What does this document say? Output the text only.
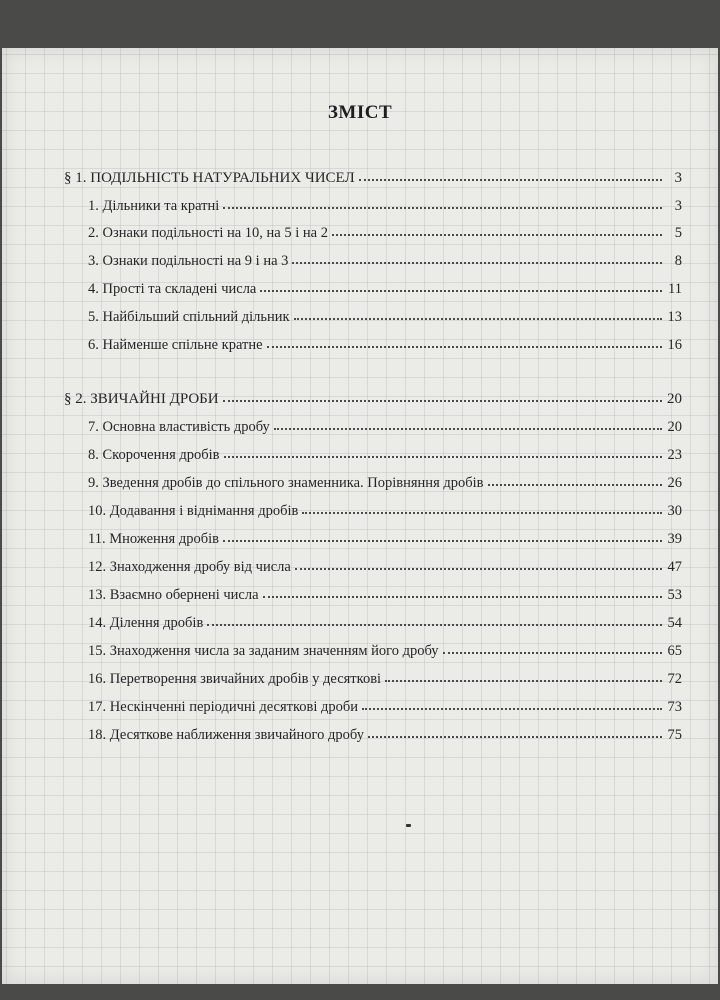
ЗМІСТ
§ 1. ПОДІЛЬНІСТЬ НАТУРАЛЬНИХ ЧИСЕЛ	3
1. Дільники та кратні	3
2. Ознаки подільності на 10, на 5 і на 2	5
3. Ознаки подільності на 9 і на 3	8
4. Прості та складені числа	11
5. Найбільший спільний дільник	13
6. Найменше спільне кратне	16
§ 2. ЗВИЧАЙНІ ДРОБИ	20
7. Основна властивість дробу	20
8. Скорочення дробів	23
9. Зведення дробів до спільного знаменника. Порівняння дробів	26
10. Додавання і віднімання дробів	30
11. Множення дробів	39
12. Знаходження дробу від числа	47
13. Взаємно обернені числа	53
14. Ділення дробів	54
15. Знаходження числа за заданим значенням його дробу	65
16. Перетворення звичайних дробів у десяткові	72
17. Нескінченні періодичні десяткові дроби	73
18. Десяткове наближення звичайного дробу	75
